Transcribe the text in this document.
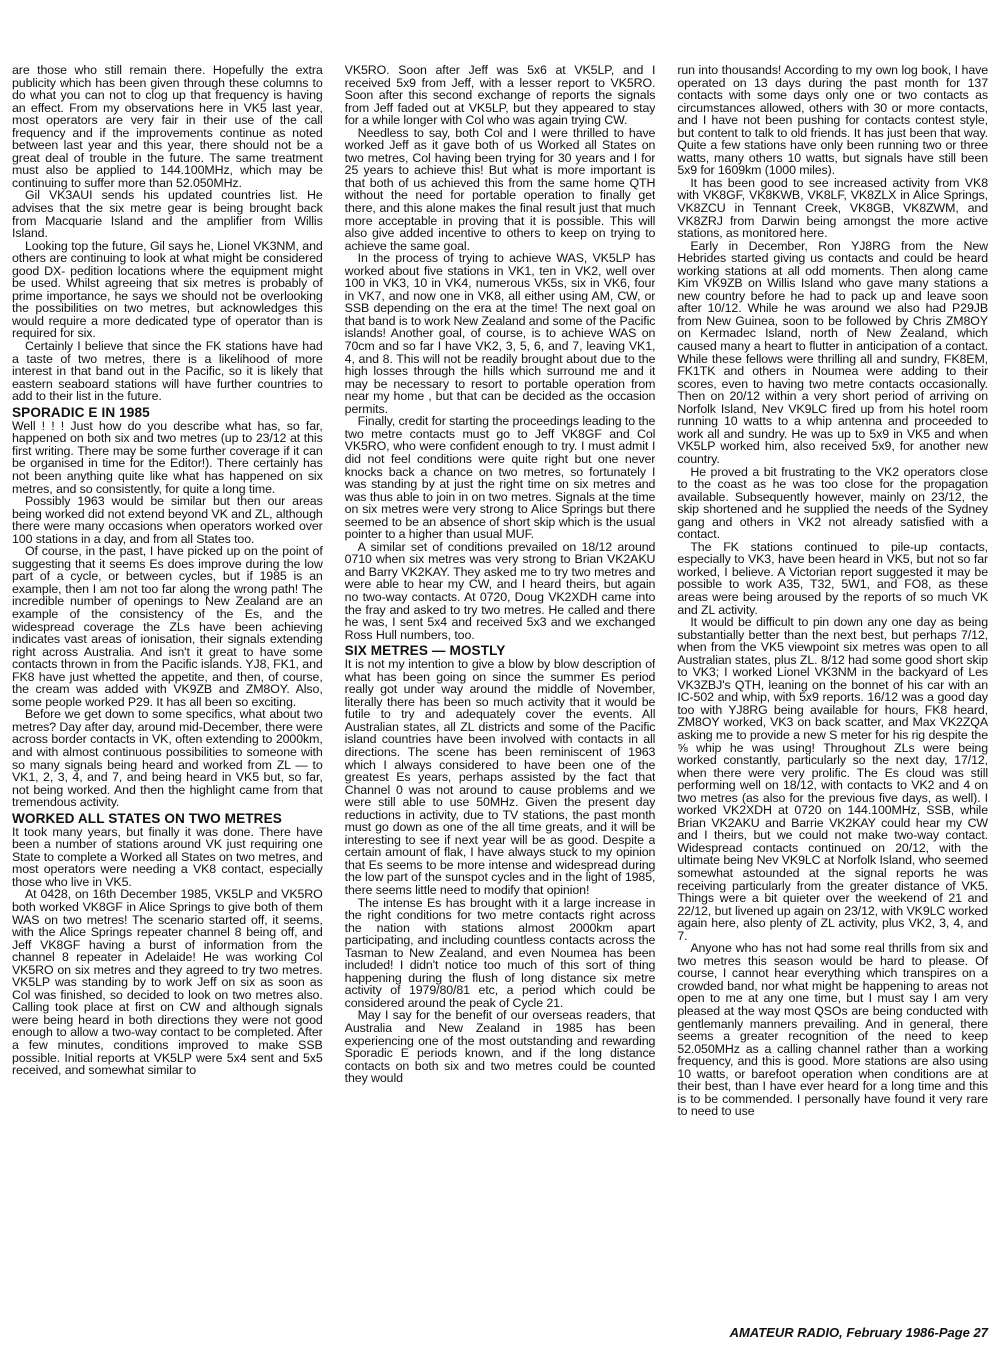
are those who still remain there. Hopefully the extra publicity which has been given through these columns to do what you can not to clog up that frequency is having an effect. From my observations here in VK5 last year, most operators are very fair in their use of the call frequency and if the improvements continue as noted between last year and this year, there should not be a great deal of trouble in the future. The same treatment must also be applied to 144.100MHz, which may be continuing to suffer more than 52.050MHz.

Gil VK3AUI sends his updated countries list. He advises that the six metre gear is being brought back from Macquarie Island and the amplifier from Willis Island.

Looking top the future, Gil says he, Lionel VK3NM, and others are continuing to look at what might be considered good DX- pedition locations where the equipment might be used. Whilst agreeing that six metres is probably of prime importance, he says we should not be overlooking the possibilities on two metres, but acknowledges this would require a more dedicated type of operator than is required for six.

Certainly I believe that since the FK stations have had a taste of two metres, there is a likelihood of more interest in that band out in the Pacific, so it is likely that eastern seaboard stations will have further countries to add to their list in the future.

SPORADIC E IN 1985

Well ! ! ! Just how do you describe what has, so far, happened on both six and two metres (up to 23/12 at this first writing. There may be some further coverage if it can be organised in time for the Editor!). There certainly has not been anything quite like what has happened on six metres, and so consistently, for quite a long time.

Possibly 1963 would be similar but then our areas being worked did not extend beyond VK and ZL, although there were many occasions when operators worked over 100 stations in a day, and from all States too.

Of course, in the past, I have picked up on the point of suggesting that it seems Es does improve during the low part of a cycle, or between cycles, but if 1985 is an example, then I am not too far along the wrong path! The incredible number of openings to New Zealand are an example of the consistency of the Es, and the widespread coverage the ZLs have been achieving indicates vast areas of ionisation, their signals extending right across Australia. And isn't it great to have some contacts thrown in from the Pacific islands. YJ8, FK1, and FK8 have just whetted the appetite, and then, of course, the cream was added with VK9ZB and ZM8OY. Also, some people worked P29. It has all been so exciting.

Before we get down to some specifics, what about two metres? Day after day, around mid-December, there were across border contacts in VK, often extending to 2000km, and with almost continuous possibilities to someone with so many signals being heard and worked from ZL — to VK1, 2, 3, 4, and 7, and being heard in VK5 but, so far, not being worked. And then the highlight came from that tremendous activity.

WORKED ALL STATES ON TWO METRES

It took many years, but finally it was done. There have been a number of stations around VK just requiring one State to complete a Worked all States on two metres, and most operators were needing a VK8 contact, especially those who live in VK5.

At 0428, on 16th December 1985, VK5LP and VK5RO both worked VK8GF in Alice Springs to give both of them WAS on two metres! The scenario started off, it seems, with the Alice Springs repeater channel 8 being off, and Jeff VK8GF having a burst of information from the channel 8 repeater in Adelaide! He was working Col VK5RO on six metres and they agreed to try two metres. VK5LP was standing by to work Jeff on six as soon as Col was finished, so decided to look on two metres also. Calling took place at first on CW and although signals were being heard in both directions they were not good enough to allow a two-way contact to be completed. After a few minutes, conditions improved to make SSB possible. Initial reports at VK5LP were 5x4 sent and 5x5 received, and somewhat similar to

VK5RO. Soon after Jeff was 5x6 at VK5LP, and I received 5x9 from Jeff, with a lesser report to VK5RO. Soon after this second exchange of reports the signals from Jeff faded out at VK5LP, but they appeared to stay for a while longer with Col who was again trying CW.

Needless to say, both Col and I were thrilled to have worked Jeff as it gave both of us Worked all States on two metres, Col having been trying for 30 years and I for 25 years to achieve this! But what is more important is that both of us achieved this from the same home QTH without the need for portable operation to finally get there, and this alone makes the final result just that much more acceptable in proving that it is possible. This will also give added incentive to others to keep on trying to achieve the same goal.

In the process of trying to achieve WAS, VK5LP has worked about five stations in VK1, ten in VK2, well over 100 in VK3, 10 in VK4, numerous VK5s, six in VK6, four in VK7, and now one in VK8, all either using AM, CW, or SSB depending on the era at the time! The next goal on that band is to work New Zealand and some of the Pacific islands! Another goal, of course, is to achieve WAS on 70cm and so far I have VK2, 3, 5, 6, and 7, leaving VK1, 4, and 8. This will not be readily brought about due to the high losses through the hills which surround me and it may be necessary to resort to portable operation from near my home , but that can be decided as the occasion permits.

Finally, credit for starting the proceedings leading to the two metre contacts must go to Jeff VK8GF and Col VK5RO, who were confident enough to try. I must admit I did not feel conditions were quite right but one never knocks back a chance on two metres, so fortunately I was standing by at just the right time on six metres and was thus able to join in on two metres. Signals at the time on six metres were very strong to Alice Springs but there seemed to be an absence of short skip which is the usual pointer to a higher than usual MUF.

A similar set of conditions prevailed on 18/12 around 0710 when six metres was very strong to Brian VK2AKU and Barry VK2KAY. They asked me to try two metres and were able to hear my CW, and I heard theirs, but again no two-way contacts. At 0720, Doug VK2XDH came into the fray and asked to try two metres. He called and there he was, I sent 5x4 and received 5x3 and we exchanged Ross Hull numbers, too.

SIX METRES — MOSTLY

It is not my intention to give a blow by blow description of what has been going on since the summer Es period really got under way around the middle of November, literally there has been so much activity that it would be futile to try and adequately cover the events. All Australian states, all ZL districts and some of the Pacific island countries have been involved with contacts in all directions. The scene has been reminiscent of 1963 which I always considered to have been one of the greatest Es years, perhaps assisted by the fact that Channel 0 was not around to cause problems and we were still able to use 50MHz. Given the present day reductions in activity, due to TV stations, the past month must go down as one of the all time greats, and it will be interesting to see if next year will be as good. Despite a certain amount of flak, I have always stuck to my opinion that Es seems to be more intense and widespread during the low part of the sunspot cycles and in the light of 1985, there seems little need to modify that opinion!

The intense Es has brought with it a large increase in the right conditions for two metre contacts right across the nation with stations almost 2000km apart participating, and including countless contacts across the Tasman to New Zealand, and even Noumea has been included! I didn't notice too much of this sort of thing happening during the flush of long distance six metre activity of 1979/80/81 etc, a period which could be considered around the peak of Cycle 21.

May I say for the benefit of our overseas readers, that Australia and New Zealand in 1985 has been experiencing one of the most outstanding and rewarding Sporadic E periods known, and if the long distance contacts on both six and two metres could be counted they would

run into thousands! According to my own log book, I have operated on 13 days during the past month for 137 contacts with some days only one or two contacts as circumstances allowed, others with 30 or more contacts, and I have not been pushing for contacts contest style, but content to talk to old friends. It has just been that way. Quite a few stations have only been running two or three watts, many others 10 watts, but signals have still been 5x9 for 1609km (1000 miles).

It has been good to see increased activity from VK8 with VK8GF, VK8KWB, VK8LF, VK8ZLX in Alice Springs, VK8ZCU in Tennant Creek, VK8GB, VK8ZWM, and VK8ZRJ from Darwin being amongst the more active stations, as monitored here.

Early in December, Ron YJ8RG from the New Hebrides started giving us contacts and could be heard working stations at all odd moments. Then along came Kim VK9ZB on Willis Island who gave many stations a new country before he had to pack up and leave soon after 10/12. While he was around we also had P29JB from New Guinea, soon to be followed by Chris ZM8OY on Kermadec Island, north of New Zealand, which caused many a heart to flutter in anticipation of a contact. While these fellows were thrilling all and sundry, FK8EM, FK1TK and others in Noumea were adding to their scores, even to having two metre contacts occasionally. Then on 20/12 within a very short period of arriving on Norfolk Island, Nev VK9LC fired up from his hotel room running 10 watts to a whip antenna and proceeded to work all and sundry. He was up to 5x9 in VK5 and when VK5LP worked him, also received 5x9, for another new country.

He proved a bit frustrating to the VK2 operators close to the coast as he was too close for the propagation available. Subsequently however, mainly on 23/12, the skip shortened and he supplied the needs of the Sydney gang and others in VK2 not already satisfied with a contact.

The FK stations continued to pile-up contacts, especially to VK3, have been heard in VK5, but not so far worked, I believe. A Victorian report suggested it may be possible to work A35, T32, 5W1, and FO8, as these areas were being aroused by the reports of so much VK and ZL activity.

It would be difficult to pin down any one day as being substantially better than the next best, but perhaps 7/12, when from the VK5 viewpoint six metres was open to all Australian states, plus ZL. 8/12 had some good short skip to VK3; I worked Lionel VK3NM in the backyard of Les VK3ZBJ's QTH, leaning on the bonnet of his car with an IC-502 and whip, with 5x9 reports. 16/12 was a good day too with YJ8RG being available for hours, FK8 heard, ZM8OY worked, VK3 on back scatter, and Max VK2ZQA asking me to provide a new S meter for his rig despite the ⅝ whip he was using! Throughout ZLs were being worked constantly, particularly so the next day, 17/12, when there were very prolific. The Es cloud was still performing well on 18/12, with contacts to VK2 and 4 on two metres (as also for the previous five days, as well). I worked VK2XDH at 0720 on 144.100MHz, SSB, while Brian VK2AKU and Barrie VK2KAY could hear my CW and I theirs, but we could not make two-way contact. Widespread contacts continued on 20/12, with the ultimate being Nev VK9LC at Norfolk Island, who seemed somewhat astounded at the signal reports he was receiving particularly from the greater distance of VK5. Things were a bit quieter over the weekend of 21 and 22/12, but livened up again on 23/12, with VK9LC worked again here, also plenty of ZL activity, plus VK2, 3, 4, and 7.

Anyone who has not had some real thrills from six and two metres this season would be hard to please. Of course, I cannot hear everything which transpires on a crowded band, nor what might be happening to areas not open to me at any one time, but I must say I am very pleased at the way most QSOs are being conducted with gentlemanly manners prevailing. And in general, there seems a greater recognition of the need to keep 52.050MHz as a calling channel rather than a working frequency, and this is good. More stations are also using 10 watts, or barefoot operation when conditions are at their best, than I have ever heard for a long time and this is to be commended. I personally have found it very rare to need to use

AMATEUR RADIO, February 1986-Page 27
